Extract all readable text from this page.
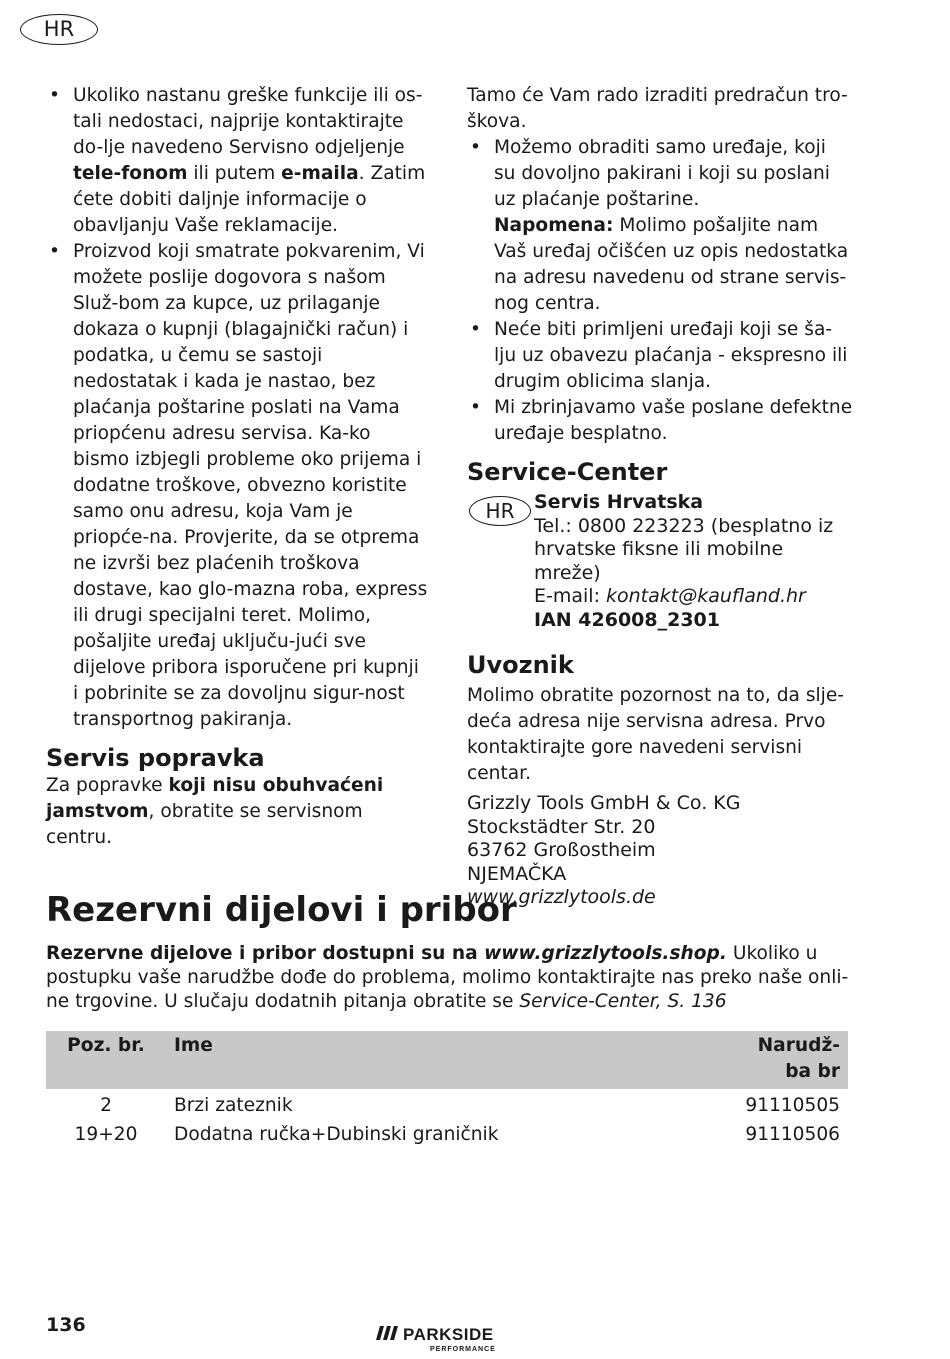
HR
• Ukoliko nastanu greške funkcije ili os-tali nedostaci, najprije kontaktirajte do-lje navedeno Servisno odjeljenje tele-fonom ili putem e-maila. Zatim ćete dobiti daljnje informacije o obavljanju Vaše reklamacije.
• Proizvod koji smatrate pokvarenim, Vi možete poslije dogovora s našom Služ-bom za kupce, uz prilaganje dokaza o kupnji (blagajnički račun) i podatka, u čemu se sastoji nedostatak i kada je nastao, bez plaćanja poštarine poslati na Vama priopćenu adresu servisa. Ka-ko bismo izbjegli probleme oko prijema i dodatne troškove, obvezno koristite samo onu adresu, koja Vam je priopće-na. Provjerite, da se otprema ne izvrši bez plaćenih troškova dostave, kao glo-mazna roba, express ili drugi specijalni teret. Molimo, pošaljite uređaj uključu-jući sve dijelove pribora isporučene pri kupnji i pobrinite se za dovoljnu sigur-nost transportnog pakiranja.
Servis popravka

Za popravke koji nisu obuhvaćeni jamstvom, obratite se servisnom centru.

Tamo će Vam rado izraditi predračun tro-škova.

• Možemo obraditi samo uređaje, koji su dovoljno pakirani i koji su poslani uz plaćanje poštarine.
Napomena: Molimo pošaljite nam Vaš uređaj očišćen uz opis nedostatka na adresu navedenu od strane servis-nog centra.
• Neće biti primljeni uređaji koji se ša-lju uz obavezu plaćanja - ekspresno ili drugim oblicima slanja.
• Mi zbrinjavamo vaše poslane defektne uređaje besplatno.
Service-Center
HR	Servis Hrvatska
Tel.: 0800 223223 (besplatno iz hrvatske fiksne ili mobilne mreže)
E-mail: kontakt@kaufland.hr
IAN 426008_2301
Uvoznik

Molimo obratite pozornost na to, da slje-deća adresa nije servisna adresa. Prvo kontaktirajte gore navedeni servisni centar.

Grizzly Tools GmbH & Co. KG
Stockstädter Str. 20
63762 Großostheim
NJEMAČKA
www.grizzlytools.de
Rezervni dijelovi i pribor

Rezervne dijelove i pribor dostupni su na www.grizzlytools.shop. Ukoliko u postupku vaše narudžbe dođe do problema, molimo kontaktirajte nas preko naše onli-ne trgovine. U slučaju dodatnih pitanja obratite se Service-Center, S. 136

Poz. br.	Ime	Narudž-ba br
2	Brzi zateznik	91110505
19+20	Dodatna ručka+Dubinski graničnik	91110506
136	PARKSIDE
PERFORMANCE
